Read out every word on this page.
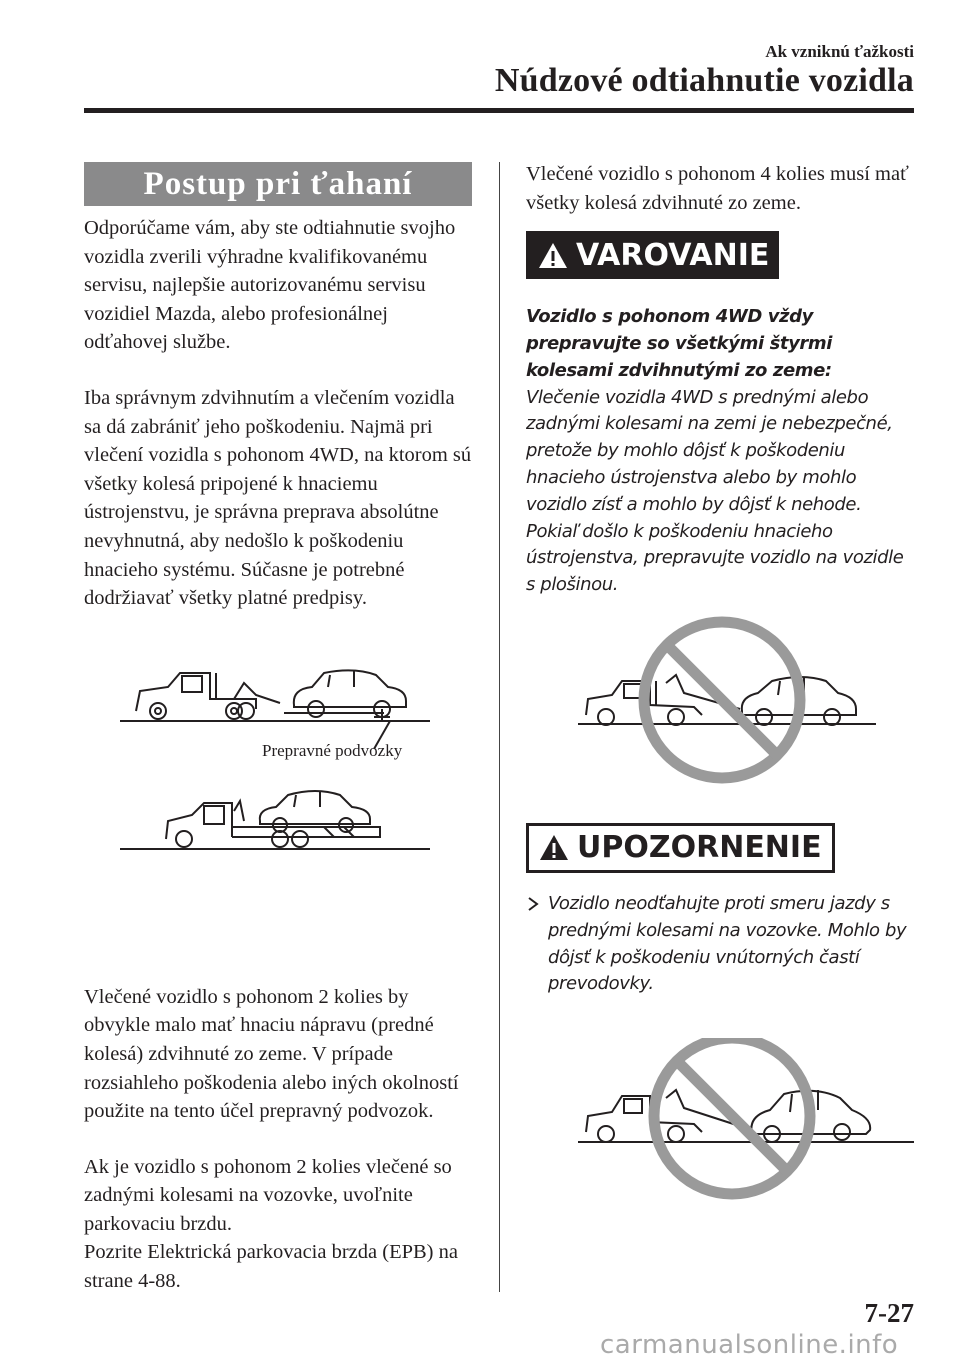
Ak vzniknú ťažkosti
Núdzové odtiahnutie vozidla
Postup pri ťahaní

Odporúčame vám, aby ste odtiahnutie svojho vozidla zverili výhradne kvalifikovanému servisu, najlepšie autorizovanému servisu vozidiel Mazda, alebo profesionálnej odťahovej službe.

Iba správnym zdvihnutím a vlečením vozidla sa dá zabrániť jeho poškodeniu. Najmä pri vlečení vozidla s pohonom 4WD, na ktorom sú všetky kolesá pripojené k hnaciemu ústrojenstvu, je správna preprava absolútne nevyhnutná, aby nedošlo k poškodeniu hnacieho systému. Súčasne je potrebné dodržiavať všetky platné predpisy.

Prepravné podvozky

Vlečené vozidlo s pohonom 2 kolies by obvykle malo mať hnaciu nápravu (predné kolesá) zdvihnuté zo zeme. V prípade rozsiahleho poškodenia alebo iných okolností použite na tento účel prepravný podvozok.

Ak je vozidlo s pohonom 2 kolies vlečené so zadnými kolesami na vozovke, uvoľnite parkovaciu brzdu.

Pozrite Elektrická parkovacia brzda (EPB) na strane 4-88.

Vlečené vozidlo s pohonom 4 kolies musí mať všetky kolesá zdvihnuté zo zeme.

VAROVANIE

Vozidlo s pohonom 4WD vždy prepravujte so všetkými štyrmi kolesami zdvihnutými zo zeme:

Vlečenie vozidla 4WD s prednými alebo zadnými kolesami na zemi je nebezpečné, pretože by mohlo dôjsť k poškodeniu hnacieho ústrojenstva alebo by mohlo vozidlo zísť a mohlo by dôjsť k nehode. Pokiaľ došlo k poškodeniu hnacieho ústrojenstva, prepravujte vozidlo na vozidle s plošinou.

UPOZORNENIE

Vozidlo neodťahujte proti smeru jazdy s prednými kolesami na vozovke. Mohlo by dôjsť k poškodeniu vnútorných častí prevodovky.

7-27
carmanualsonline.info
